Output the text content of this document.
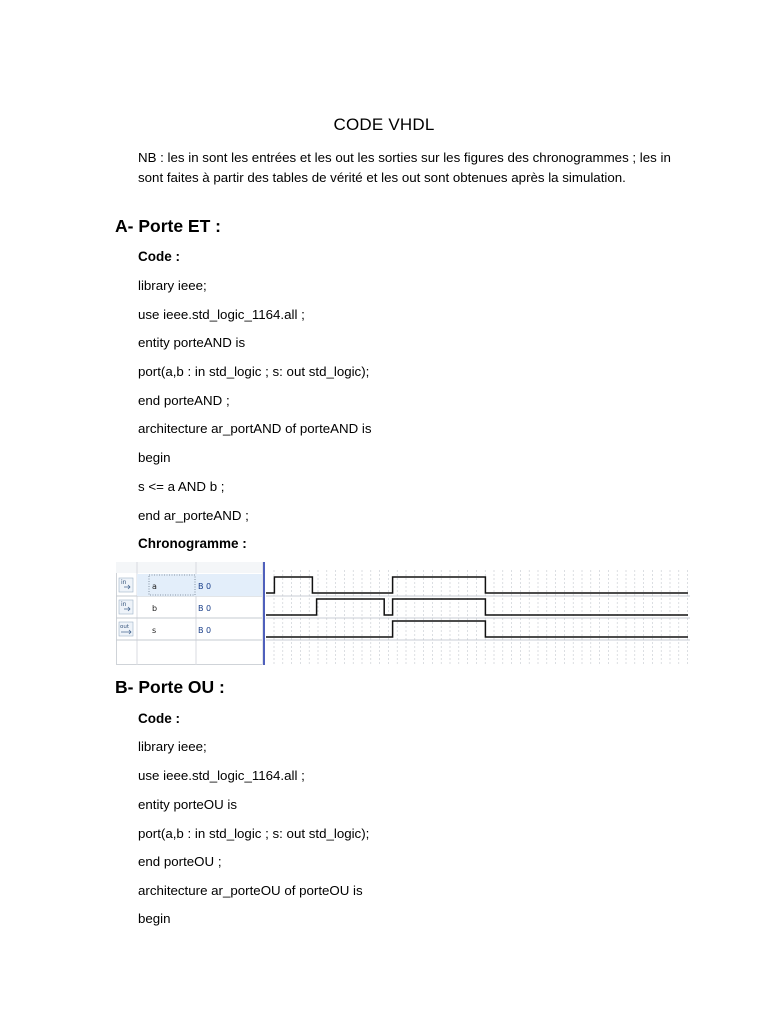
CODE VHDL
NB : les in sont les entrées et les out les sorties sur les figures des chronogrammes ; les in sont faites à partir des tables de vérité et les out sont obtenues après la simulation.
A- Porte ET :
Code :
library ieee;
use ieee.std_logic_1164.all ;
entity porteAND is
port(a,b : in std_logic ; s: out std_logic);
end porteAND ;
architecture ar_portAND of porteAND is
begin
s <= a AND b ;
end ar_porteAND ;
Chronogramme :
in	a	B 0
in	b	B 0
out	s	B 0
B- Porte OU :
Code :
library ieee;
use ieee.std_logic_1164.all ;
entity porteOU is
port(a,b : in std_logic ; s: out std_logic);
end porteOU ;
architecture ar_porteOU of porteOU is
begin
